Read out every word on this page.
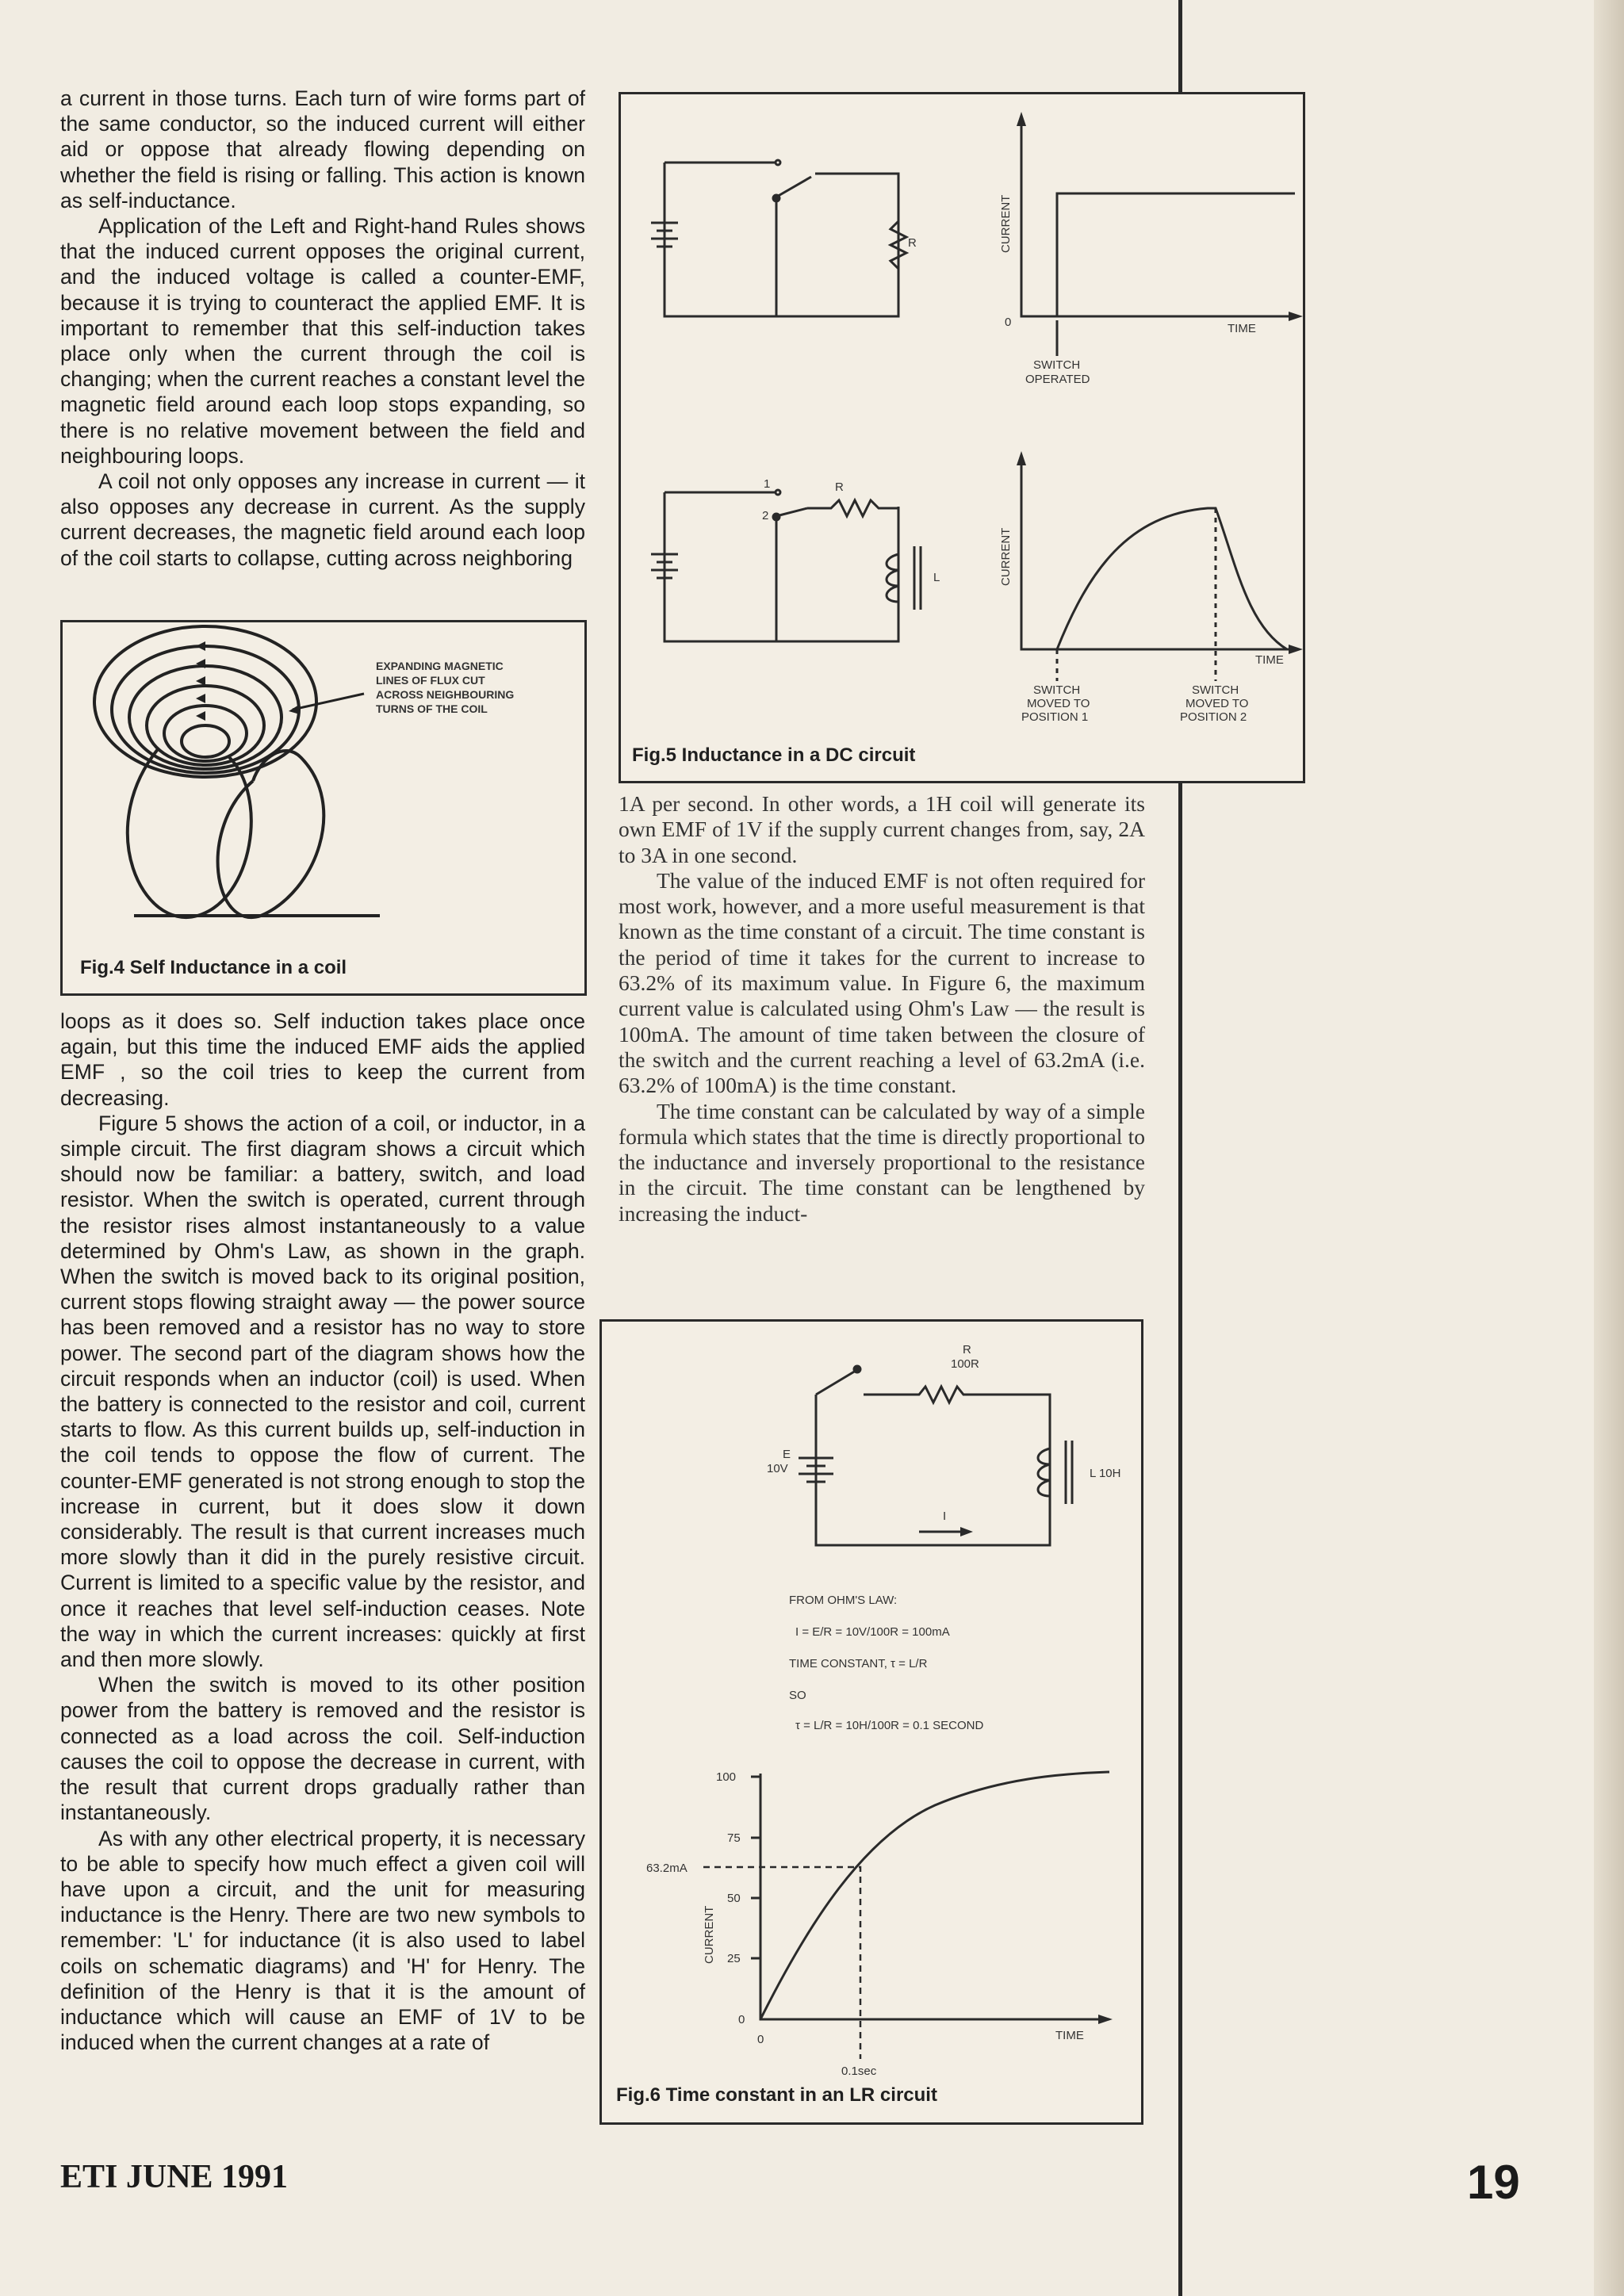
a current in those turns. Each turn of wire forms part of the same conductor, so the induced current will either aid or oppose that already flowing depending on whether the field is rising or falling. This action is known as self-inductance.

Application of the Left and Right-hand Rules shows that the induced current opposes the original current, and the induced voltage is called a counter-EMF, because it is trying to counteract the applied EMF. It is important to remember that this self-induction takes place only when the current through the coil is changing; when the current reaches a constant level the magnetic field around each loop stops expanding, so there is no relative movement between the field and neighbouring loops.

A coil not only opposes any increase in current — it also opposes any decrease in current. As the supply current decreases, the magnetic field around each loop of the coil starts to collapse, cutting across neighboring

EXPANDING MAGNETIC
LINES OF FLUX CUT
ACROSS NEIGHBOURING
TURNS OF THE COIL
Fig.4 Self Inductance in a coil

loops as it does so. Self induction takes place once again, but this time the induced EMF aids the applied EMF , so the coil tries to keep the current from decreasing.

Figure 5 shows the action of a coil, or inductor, in a simple circuit. The first diagram shows a circuit which should now be familiar: a battery, switch, and load resistor. When the switch is operated, current through the resistor rises almost instantaneously to a value determined by Ohm's Law, as shown in the graph. When the switch is moved back to its original position, current stops flowing straight away — the power source has been removed and a resistor has no way to store power. The second part of the diagram shows how the circuit responds when an inductor (coil) is used. When the battery is connected to the resistor and coil, current starts to flow. As this current builds up, self-induction in the coil tends to oppose the flow of current. The counter-EMF generated is not strong enough to stop the increase in current, but it does slow it down considerably. The result is that current increases much more slowly than it did in the purely resistive circuit. Current is limited to a specific value by the resistor, and once it reaches that level self-induction ceases. Note the way in which the current increases: quickly at first and then more slowly.

When the switch is moved to its other position power from the battery is removed and the resistor is connected as a load across the coil. Self-induction causes the coil to oppose the decrease in current, with the result that current drops gradually rather than instantaneously.

As with any other electrical property, it is necessary to be able to specify how much effect a given coil will have upon a circuit, and the unit for measuring inductance is the Henry. There are two new symbols to remember: 'L' for inductance (it is also used to label coils on schematic diagrams) and 'H' for Henry. The definition of the Henry is that it is the amount of inductance which will cause an EMF of 1V to be induced when the current changes at a rate of

R
R
L
1
2
CURRENT
CURRENT
TIME
TIME
0
SWITCH
OPERATED
SWITCH
MOVED TO
POSITION 1
SWITCH
MOVED TO
POSITION 2
Fig.5 Inductance in a DC circuit

1A per second. In other words, a 1H coil will generate its own EMF of 1V if the supply current changes from, say, 2A to 3A in one second.

The value of the induced EMF is not often required for most work, however, and a more useful measurement is that known as the time constant of a circuit. The time constant is the period of time it takes for the current to increase to 63.2% of its maximum value. In Figure 6, the maximum current value is calculated using Ohm's Law — the result is 100mA. The amount of time taken between the closure of the switch and the current reaching a level of 63.2mA (i.e. 63.2% of 100mA) is the time constant.

The time constant can be calculated by way of a simple formula which states that the time is directly proportional to the inductance and inversely proportional to the resistance in the circuit. The time constant can be lengthened by increasing the induct-

R
100R
L 10H
E
10V
I
FROM OHM'S LAW:
I = E/R = 10V/100R = 100mA
TIME CONSTANT, τ = L/R
SO
τ = L/R = 10H/100R = 0.1 SECOND
100
75
50
25
0
63.2mA
CURRENT
TIME
0
0.1sec
Fig.6 Time constant in an LR circuit
ETI JUNE 1991	19
